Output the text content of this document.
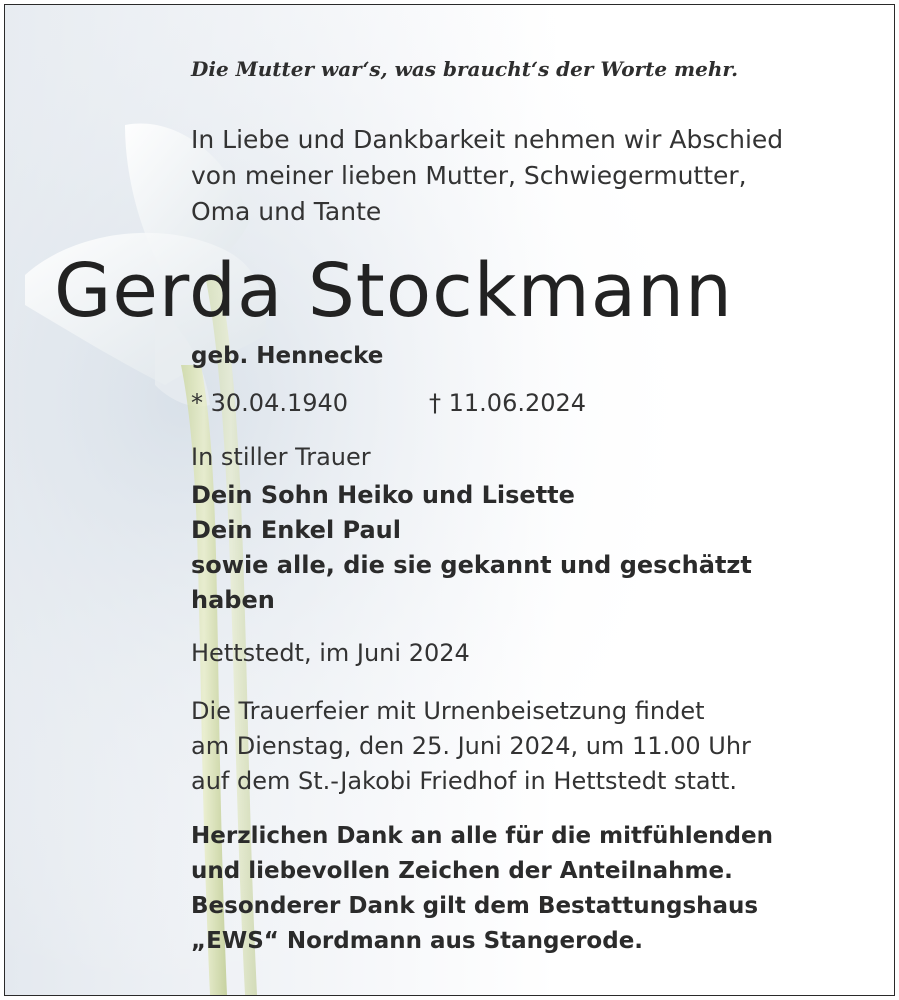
Die Mutter war‘s, was braucht‘s der Worte mehr.
In Liebe und Dankbarkeit nehmen wir Abschied
von meiner lieben Mutter, Schwiegermutter,
Oma und Tante
Gerda Stockmann
geb. Hennecke
* 30.04.1940	† 11.06.2024
In stiller Trauer
Dein Sohn Heiko und Lisette
Dein Enkel Paul
sowie alle, die sie gekannt und geschätzt
haben
Hettstedt, im Juni 2024
Die Trauerfeier mit Urnenbeisetzung findet
am Dienstag, den 25. Juni 2024, um 11.00 Uhr
auf dem St.-Jakobi Friedhof in Hettstedt statt.
Herzlichen Dank an alle für die mitfühlenden
und liebevollen Zeichen der Anteilnahme.
Besonderer Dank gilt dem Bestattungshaus
„EWS“ Nordmann aus Stangerode.
